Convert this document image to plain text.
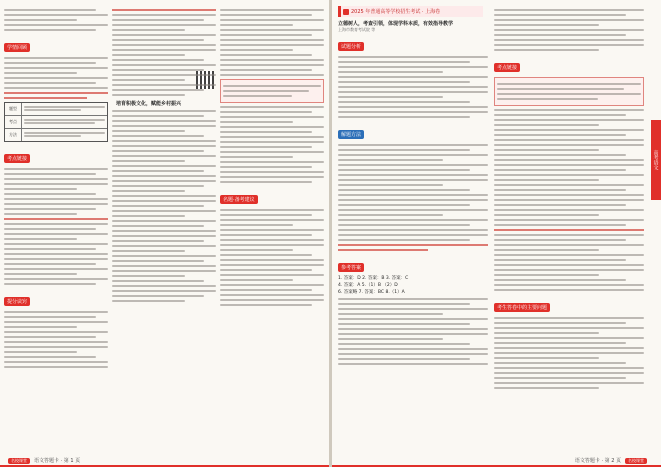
学情回顾
题型
考点
方法
考点链接
提分诀窍
培育积极文化，赋能乡村振兴
名题·备考建议
名校课堂	语文答题卡 · 第 1 页
2025 年普通高等学校招生考试 · 上海卷
立德树人，考查引领，体现学科本质，有效指导教学
上海市教育考试院 等
试题分析
解题方法
参考答案
1. 答案：D 2. 答案：B 3. 答案：C
4. 答案：A 5.（1）B （2）D
6. 答案略 7. 答案：BC 8.（1）A
考点链接
考生答卷中的主要问题
高考语文
语文答题卡 · 第 2 页	名校课堂
